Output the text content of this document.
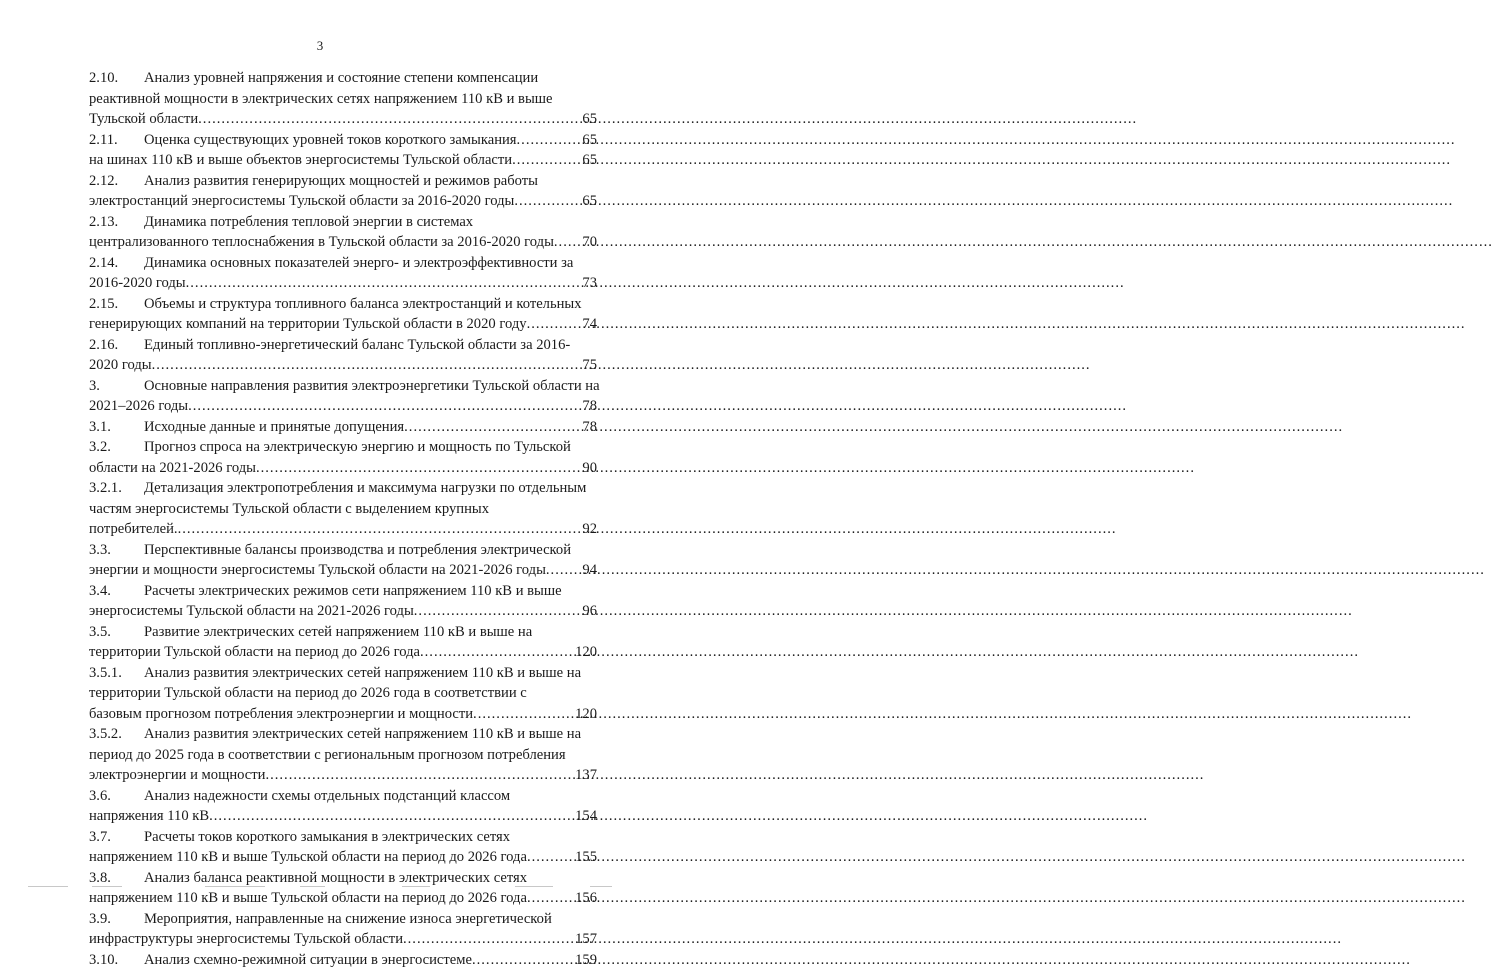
3
2.10. Анализ уровней напряжения и состояние степени компенсации
реактивной мощности в электрических сетях напряжением 110 кВ и выше
Тульской области .....	65
2.11. Оценка существующих уровней токов короткого замыкания .....	65
на шинах 110 кВ и выше объектов энергосистемы Тульской области .....	65
2.12. Анализ развития генерирующих мощностей и режимов работы
электростанций энергосистемы Тульской области за 2016-2020 годы .....	65
2.13. Динамика потребления тепловой энергии в системах
централизованного теплоснабжения в Тульской области за 2016-2020 годы ..... 70
2.14. Динамика основных показателей энерго- и электроэффективности за
2016-2020 годы .....	73
2.15. Объемы и структура топливного баланса электростанций и котельных
генерирующих компаний на территории Тульской области в 2020 году .....	74
2.16. Единый топливно-энергетический баланс Тульской области за 2016-
2020 годы .....	75
3.	Основные направления развития электроэнергетики Тульской области на
2021–2026 годы .....	78
3.1. Исходные данные и принятые допущения .....	78
3.2. Прогноз спроса на электрическую энергию и мощность по Тульской
области на 2021-2026 годы .....	90
3.2.1. Детализация электропотребления и максимума нагрузки по отдельным
частям энергосистемы Тульской области с выделением крупных
потребителей. .....	92
3.3. Перспективные балансы производства и потребления электрической
энергии и мощности энергосистемы Тульской области на 2021-2026 годы .....	94
3.4. Расчеты электрических режимов сети напряжением 110 кВ и выше
энергосистемы Тульской области на 2021-2026 годы .....	96
3.5. Развитие электрических сетей напряжением 110 кВ и выше на
территории Тульской области на период до 2026 года .....	120
3.5.1. Анализ развития электрических сетей напряжением 110 кВ и выше на
территории Тульской области на период до 2026 года в соответствии с
базовым прогнозом потребления электроэнергии и мощности .....	120
3.5.2. Анализ развития электрических сетей напряжением 110 кВ и выше на
период до 2025 года в соответствии с региональным прогнозом потребления
электроэнергии и мощности .....	137
3.6. Анализ надежности схемы отдельных подстанций классом
напряжения 110 кВ .....	154
3.7. Расчеты токов короткого замыкания в электрических сетях
напряжением 110 кВ и выше Тульской области на период до 2026 года .....	155
3.8. Анализ баланса реактивной мощности в электрических сетях
напряжением 110 кВ и выше Тульской области на период до 2026 года .....	156
3.9. Мероприятия, направленные на снижение износа энергетической
инфраструктуры энергосистемы Тульской области .....	157
3.10. Анализ схемно-режимной ситуации в энергосистеме .....	159
